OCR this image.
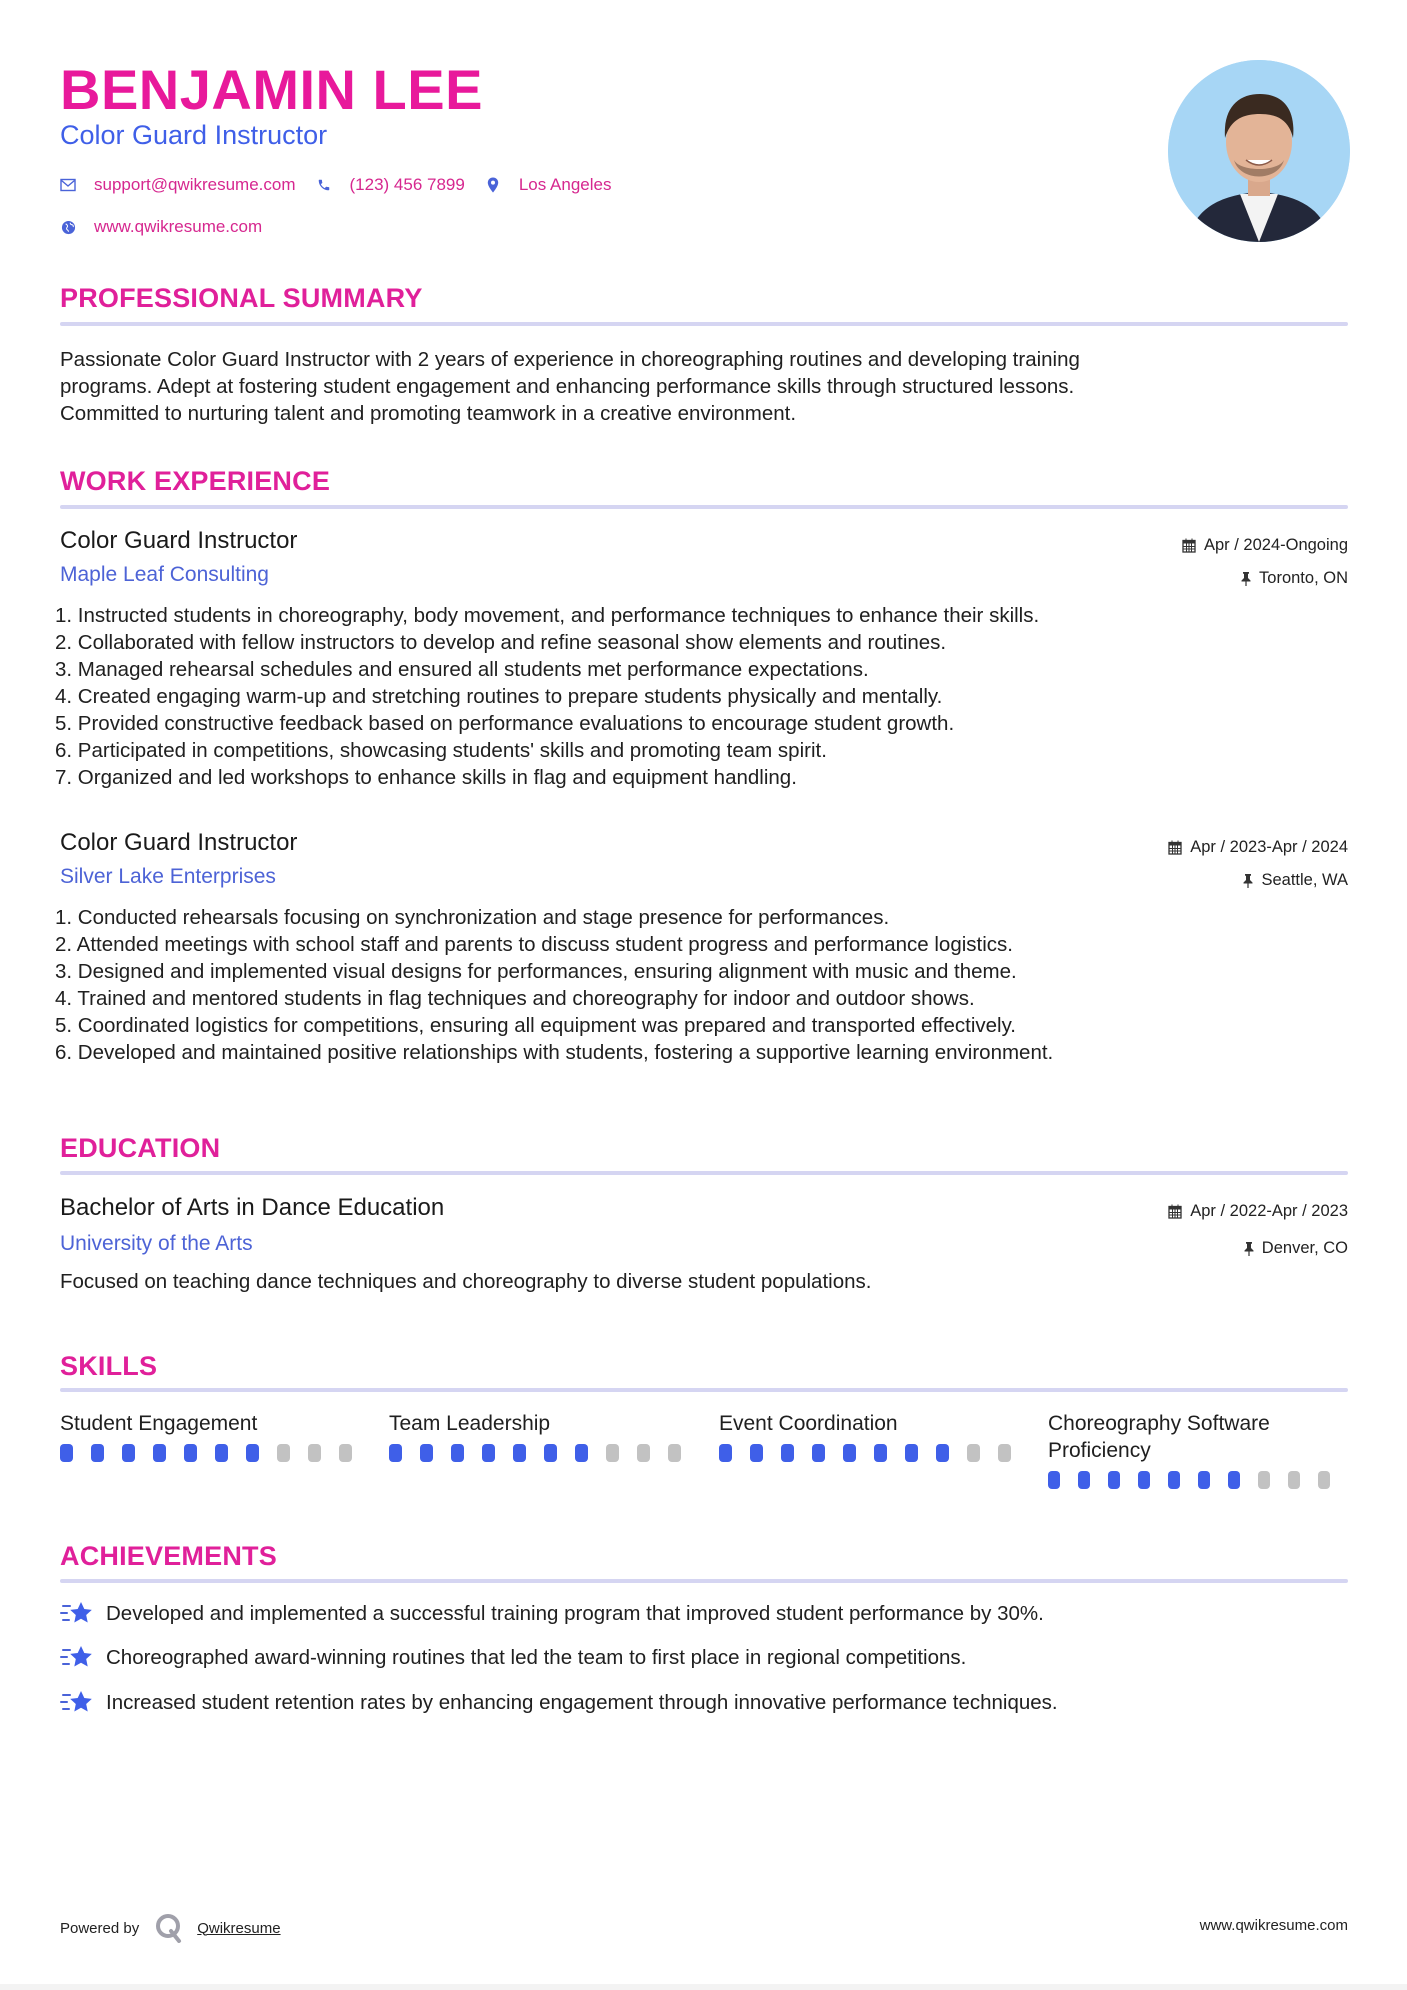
BENJAMIN LEE
Color Guard Instructor
support@qwikresume.com	(123) 456 7899	Los Angeles
www.qwikresume.com
PROFESSIONAL SUMMARY
Passionate Color Guard Instructor with 2 years of experience in choreographing routines and developing training
programs. Adept at fostering student engagement and enhancing performance skills through structured lessons.
Committed to nurturing talent and promoting teamwork in a creative environment.
WORK EXPERIENCE
Color Guard Instructor	Apr / 2024-Ongoing
Maple Leaf Consulting	Toronto, ON
1. Instructed students in choreography, body movement, and performance techniques to enhance their skills.
2. Collaborated with fellow instructors to develop and refine seasonal show elements and routines.
3. Managed rehearsal schedules and ensured all students met performance expectations.
4. Created engaging warm-up and stretching routines to prepare students physically and mentally.
5. Provided constructive feedback based on performance evaluations to encourage student growth.
6. Participated in competitions, showcasing students' skills and promoting team spirit.
7. Organized and led workshops to enhance skills in flag and equipment handling.
Color Guard Instructor	Apr / 2023-Apr / 2024
Silver Lake Enterprises	Seattle, WA
1. Conducted rehearsals focusing on synchronization and stage presence for performances.
2. Attended meetings with school staff and parents to discuss student progress and performance logistics.
3. Designed and implemented visual designs for performances, ensuring alignment with music and theme.
4. Trained and mentored students in flag techniques and choreography for indoor and outdoor shows.
5. Coordinated logistics for competitions, ensuring all equipment was prepared and transported effectively.
6. Developed and maintained positive relationships with students, fostering a supportive learning environment.
EDUCATION
Bachelor of Arts in Dance Education	Apr / 2022-Apr / 2023
University of the Arts	Denver, CO
Focused on teaching dance techniques and choreography to diverse student populations.
SKILLS
Student Engagement	Team Leadership	Event Coordination	Choreography Software Proficiency
ACHIEVEMENTS
Developed and implemented a successful training program that improved student performance by 30%.
Choreographed award-winning routines that led the team to first place in regional competitions.
Increased student retention rates by enhancing engagement through innovative performance techniques.
Powered by	Qwikresume	www.qwikresume.com
